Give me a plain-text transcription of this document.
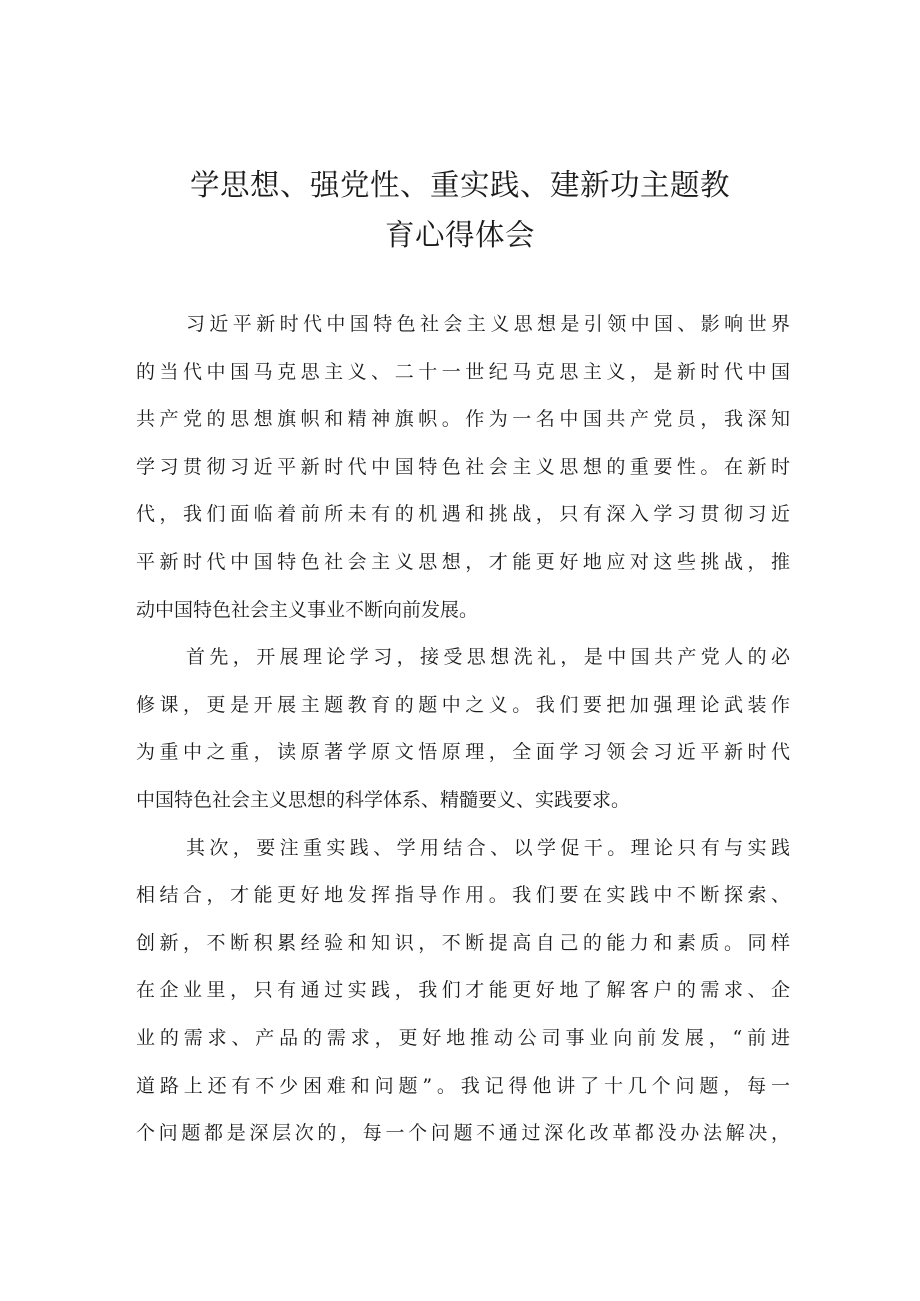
学思想、强党性、重实践、建新功主题教
育心得体会
习近平新时代中国特色社会主义思想是引领中国、影响世界
的当代中国马克思主义、二十一世纪马克思主义，是新时代中国
共产党的思想旗帜和精神旗帜。作为一名中国共产党员，我深知
学习贯彻习近平新时代中国特色社会主义思想的重要性。在新时
代，我们面临着前所未有的机遇和挑战，只有深入学习贯彻习近
平新时代中国特色社会主义思想，才能更好地应对这些挑战，推
动中国特色社会主义事业不断向前发展。
首先，开展理论学习，接受思想洗礼，是中国共产党人的必
修课，更是开展主题教育的题中之义。我们要把加强理论武装作
为重中之重，读原著学原文悟原理，全面学习领会习近平新时代
中国特色社会主义思想的科学体系、精髓要义、实践要求。
其次，要注重实践、学用结合、以学促干。理论只有与实践
相结合，才能更好地发挥指导作用。我们要在实践中不断探索、
创新，不断积累经验和知识，不断提高自己的能力和素质。同样
在企业里，只有通过实践，我们才能更好地了解客户的需求、企
业的需求、产品的需求，更好地推动公司事业向前发展，“前进
道路上还有不少困难和问题”。我记得他讲了十几个问题，每一
个问题都是深层次的，每一个问题不通过深化改革都没办法解决，
